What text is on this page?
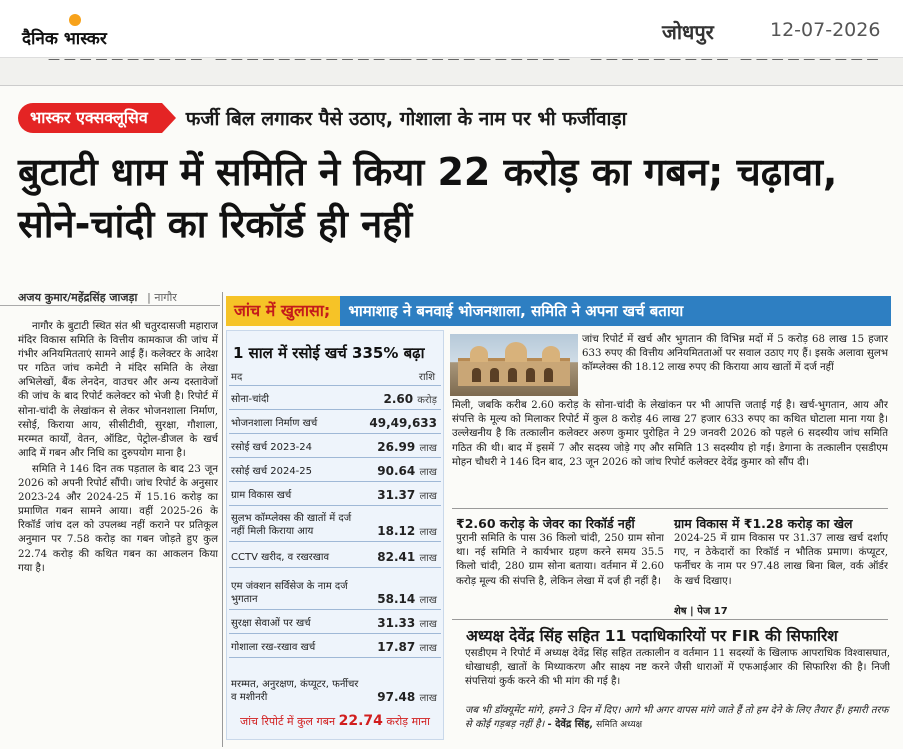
दैनिक भास्कर	जोधपुर	12-07-2026
— — — — — — — — — — — — — — — — — — — — — — — — — — — — — — — — — — — — — — — — — — — — — — — — — — —
भास्कर एक्सक्लूसिव	फर्जी बिल लगाकर पैसे उठाए, गोशाला के नाम पर भी फर्जीवाड़ा
बुटाटी धाम में समिति ने किया 22 करोड़ का गबन; चढ़ावा, सोने-चांदी का रिकॉर्ड ही नहीं
अजय कुमार/महेंद्रसिंह जाजड़ा | नागौर

नागौर के बुटाटी स्थित संत श्री चतुरदासजी महाराज मंदिर विकास समिति के वित्तीय कामकाज की जांच में गंभीर अनियमितताएं सामने आई हैं। कलेक्टर के आदेश पर गठित जांच कमेटी ने मंदिर समिति के लेखा अभिलेखों, बैंक लेनदेन, वाउचर और अन्य दस्तावेजों की जांच के बाद रिपोर्ट कलेक्टर को भेजी है। रिपोर्ट में सोना-चांदी के लेखांकन से लेकर भोजनशाला निर्माण, रसोई, किराया आय, सीसीटीवी, सुरक्षा, गौशाला, मरम्मत कार्यों, वेतन, ऑडिट, पेट्रोल-डीजल के खर्च आदि में गबन और निधि का दुरुपयोग माना है।

समिति ने 146 दिन तक पड़ताल के बाद 23 जून 2026 को अपनी रिपोर्ट सौंपी। जांच रिपोर्ट के अनुसार 2023-24 और 2024-25 में 15.16 करोड़ का प्रमाणित गबन सामने आया। वहीं 2025-26 के रिकॉर्ड जांच दल को उपलब्ध नहीं कराने पर प्रतिकूल अनुमान पर 7.58 करोड़ का गबन जोड़ते हुए कुल 22.74 करोड़ की कथित गबन का आकलन किया गया है।

जांच में खुलासा;	भामाशाह ने बनवाई भोजनशाला, समिति ने अपना खर्च बताया
1 साल में रसोई खर्च 335% बढ़ा
मद	राशि
सोना-चांदी	2.60 करोड़
भोजनशाला निर्माण खर्च	49,49,633
रसोई खर्च 2023-24	26.99 लाख
रसोई खर्च 2024-25	90.64 लाख
ग्राम विकास खर्च	31.37 लाख
सुलभ कॉम्प्लेक्स की खातों में दर्ज नहीं मिली किराया आय	18.12 लाख
CCTV खरीद, व रखरखाव	82.41 लाख
एम जंक्शन सर्विसेज के नाम दर्ज भुगतान	58.14 लाख
सुरक्षा सेवाओं पर खर्च	31.33 लाख
गोशाला रख-रखाव खर्च	17.87 लाख
मरम्मत, अनुरक्षण, कंप्यूटर, फर्नीचर व मशीनरी	97.48 लाख
जांच रिपोर्ट में कुल गबन 22.74 करोड़ माना
जांच रिपोर्ट में खर्च और भुगतान की विभिन्न मदों में 5 करोड़ 68 लाख 15 हजार 633 रुपए की वित्तीय अनियमितताओं पर सवाल उठाए गए हैं। इसके अलावा सुलभ कॉम्प्लेक्स की 18.12 लाख रुपए की किराया आय खातों में दर्ज नहीं
मिली, जबकि करीब 2.60 करोड़ के सोना-चांदी के लेखांकन पर भी आपत्ति जताई गई है। खर्च-भुगतान, आय और संपत्ति के मूल्य को मिलाकर रिपोर्ट में कुल 8 करोड़ 46 लाख 27 हजार 633 रुपए का कथित घोटाला माना गया है। उल्लेखनीय है कि तत्कालीन कलेक्टर अरुण कुमार पुरोहित ने 29 जनवरी 2026 को पहले 6 सदस्यीय जांच समिति गठित की थी। बाद में इसमें 7 और सदस्य जोड़े गए और समिति 13 सदस्यीय हो गई। डेगाना के तत्कालीन एसडीएम मोहन चौधरी ने 146 दिन बाद, 23 जून 2026 को जांच रिपोर्ट कलेक्टर देवेंद्र कुमार को सौंप दी।
₹2.60 करोड़ के जेवर का रिकॉर्ड नहीं
पुरानी समिति के पास 36 किलो चांदी, 250 ग्राम सोना था। नई समिति ने कार्यभार ग्रहण करने समय 35.5 किलो चांदी, 280 ग्राम सोना बताया। वर्तमान में 2.60 करोड़ मूल्य की संपत्ति है, लेकिन लेखा में दर्ज ही नहीं है।
ग्राम विकास में ₹1.28 करोड़ का खेल
2024-25 में ग्राम विकास पर 31.37 लाख खर्च दर्शाए गए, न ठेकेदारों का रिकॉर्ड न भौतिक प्रमाण। कंप्यूटर, फर्नीचर के नाम पर 97.48 लाख बिना बिल, वर्क ऑर्डर के खर्च दिखाए।
शेष | पेज 17
अध्यक्ष देवेंद्र सिंह सहित 11 पदाधिकारियों पर FIR की सिफारिश
एसडीएम ने रिपोर्ट में अध्यक्ष देवेंद्र सिंह सहित तत्कालीन व वर्तमान 11 सदस्यों के खिलाफ आपराधिक विश्वासघात, धोखाधड़ी, खातों के मिथ्याकरण और साक्ष्य नष्ट करने जैसी धाराओं में एफआईआर की सिफारिश की है। निजी संपत्तियां कुर्क करने की भी मांग की गई है।
जब भी डॉक्यूमेंट मांगे, हमने 3 दिन में दिए। आगे भी अगर वापस मांगे जाते हैं तो हम देने के लिए तैयार हैं। हमारी तरफ से कोई गड़बड़ नहीं है। - देवेंद्र सिंह, समिति अध्यक्ष
